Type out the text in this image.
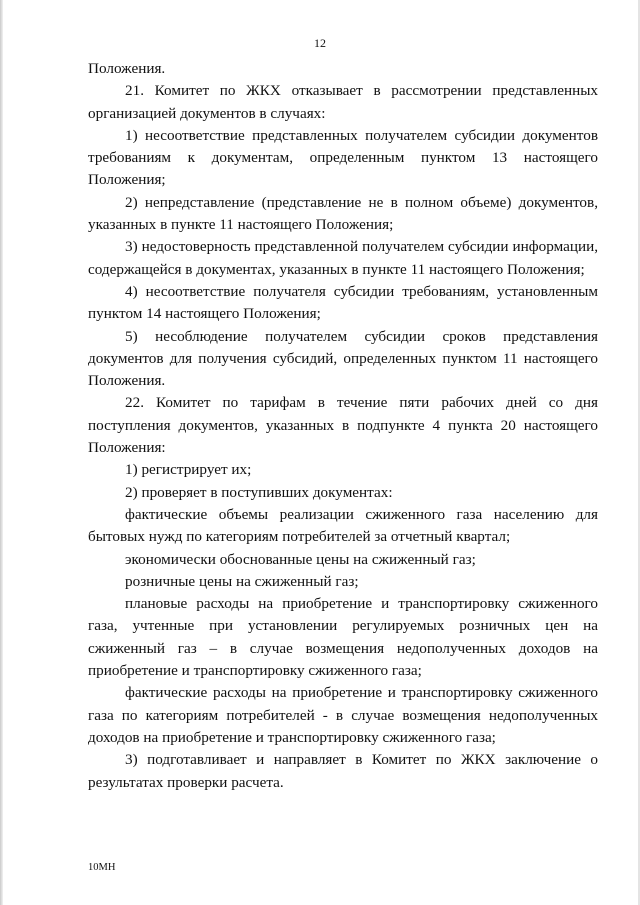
12

Положения.

21. Комитет по ЖКХ отказывает в рассмотрении представленных организацией документов в случаях:

1) несоответствие представленных получателем субсидии документов требованиям к документам, определенным пунктом 13 настоящего Положения;

2) непредставление (представление не в полном объеме) документов, указанных в пункте 11 настоящего Положения;

3) недостоверность представленной получателем субсидии информации, содержащейся в документах, указанных в пункте 11 настоящего Положения;

4) несоответствие получателя субсидии требованиям, установленным пунктом 14 настоящего Положения;

5) несоблюдение получателем субсидии сроков представления документов для получения субсидий, определенных пунктом 11 настоящего Положения.

22. Комитет по тарифам в течение пяти рабочих дней со дня поступления документов, указанных в подпункте 4 пункта 20 настоящего Положения:

1) регистрирует их;

2) проверяет в поступивших документах:

фактические объемы реализации сжиженного газа населению для бытовых нужд по категориям потребителей за отчетный квартал;

экономически обоснованные цены на сжиженный газ;

розничные цены на сжиженный газ;

плановые расходы на приобретение и транспортировку сжиженного газа, учтенные при установлении регулируемых розничных цен на сжиженный газ – в случае возмещения недополученных доходов на приобретение и транспортировку сжиженного газа;

фактические расходы на приобретение и транспортировку сжиженного газа по категориям потребителей - в случае возмещения недополученных доходов на приобретение и транспортировку сжиженного газа;

3) подготавливает и направляет в Комитет по ЖКХ заключение о результатах проверки расчета.

10МН
